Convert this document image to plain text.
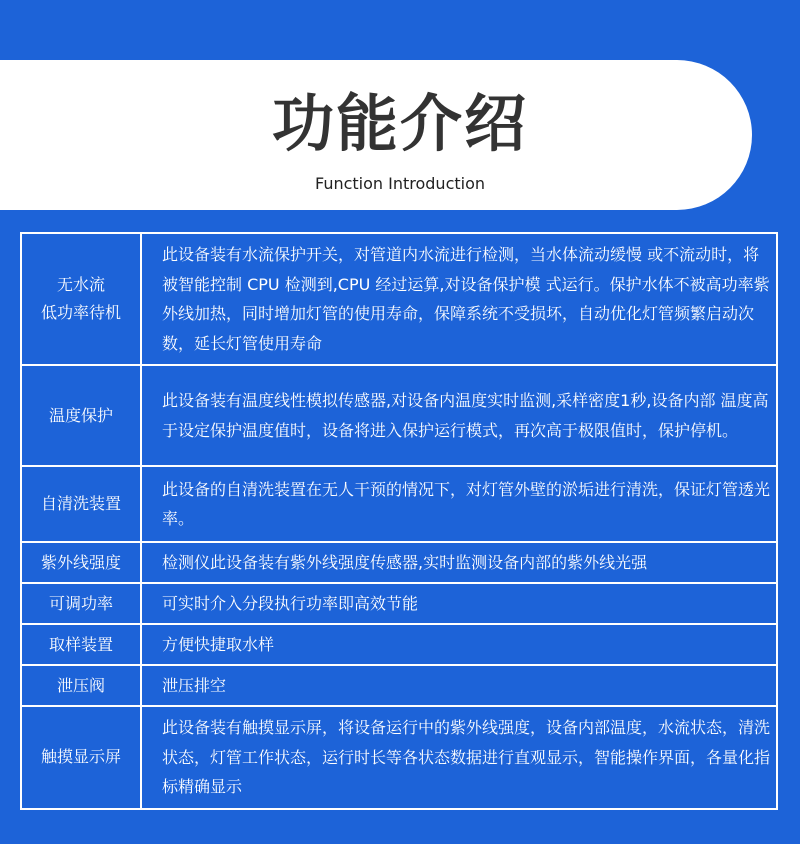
功能介绍
Function Introduction
无水流
低功率待机	此设备装有水流保护开关，对管道内水流进行检测，当水体流动缓慢 或不流动时，将被智能控制 CPU 检测到,CPU 经过运算,对设备保护模 式运行。保护水体不被高功率紫外线加热，同时增加灯管的使用寿命，保障系统不受损坏，自动优化灯管频繁启动次数，延长灯管使用寿命

温度保护	此设备装有温度线性模拟传感器,对设备内温度实时监测,采样密度1秒,设备内部 温度高于设定保护温度值时，设备将进入保护运行模式，再次高于极限值时，保护停机。

自清洗装置	此设备的自清洗装置在无人干预的情况下，对灯管外壁的淤垢进行清洗，保证灯管透光率。

紫外线强度	检测仪此设备装有紫外线强度传感器,实时监测设备内部的紫外线光强

可调功率	可实时介入分段执行功率即高效节能

取样装置	方便快捷取水样

泄压阀	泄压排空

触摸显示屏	此设备装有触摸显示屏，将设备运行中的紫外线强度，设备内部温度，水流状态，清洗状态，灯管工作状态，运行时长等各状态数据进行直观显示，智能操作界面，各量化指标精确显示
